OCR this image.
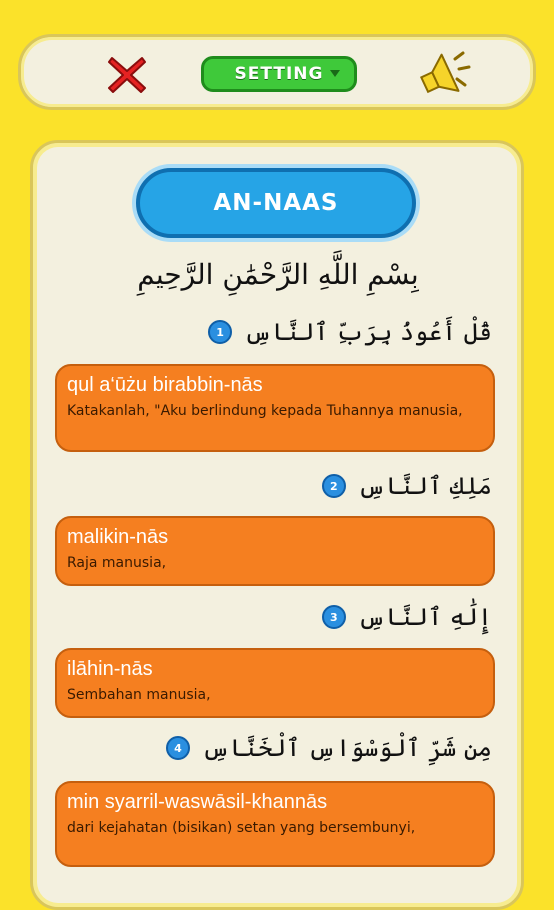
SETTING
AN-NAAS
بِسْمِ اللَّهِ الرَّحْمَٰنِ الرَّحِيمِ
1 قُلْ أَعُوذُ بِرَبِّ ٱلنَّاسِ
qul a‘ūżu birabbin-nās
Katakanlah, "Aku berlindung kepada Tuhannya manusia,
2 مَلِكِ ٱلنَّاسِ
malikin-nās
Raja manusia,
3 إِلَٰهِ ٱلنَّاسِ
ilāhin-nās
Sembahan manusia,
4 مِن شَرِّ ٱلْوَسْوَاسِ ٱلْخَنَّاسِ
min syarril-waswāsil-khannās
dari kejahatan (bisikan) setan yang bersembunyi,
